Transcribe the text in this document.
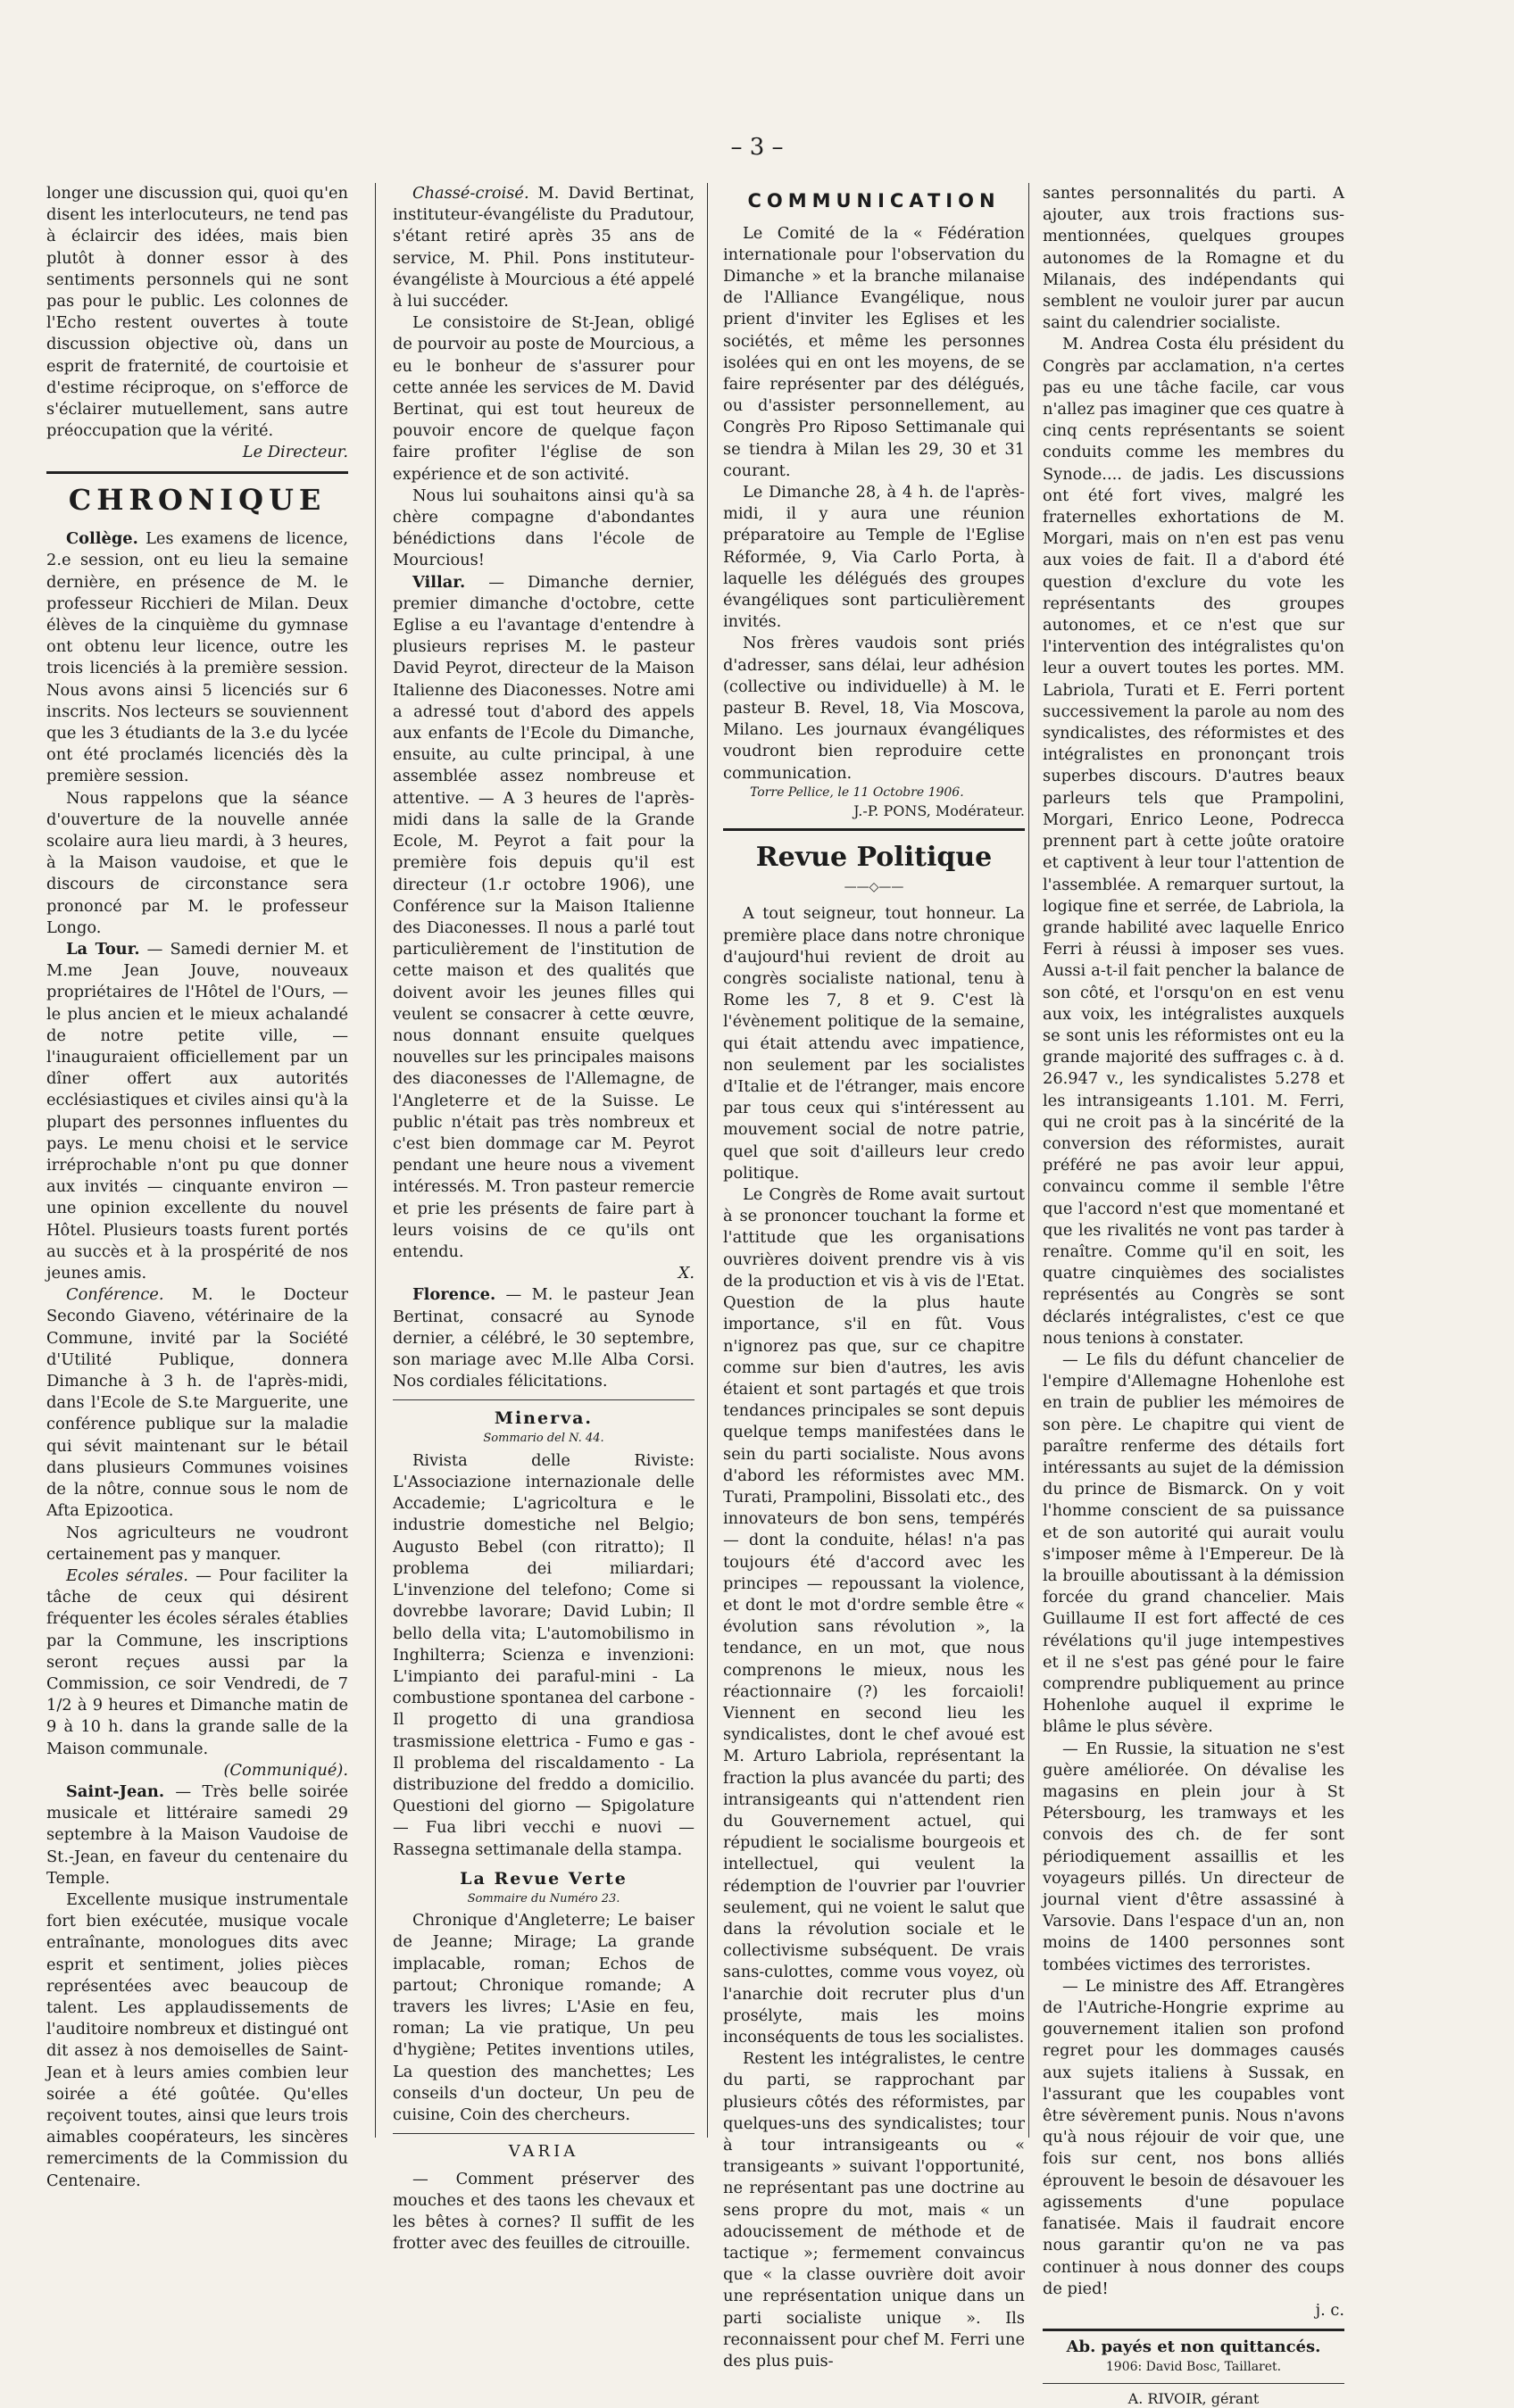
– 3 –

longer une discussion qui, quoi qu'en disent les interlocuteurs, ne tend pas à éclaircir des idées, mais bien plutôt à donner essor à des sentiments personnels qui ne sont pas pour le public. Les colonnes de l'Echo restent ouvertes à toute discussion objective où, dans un esprit de fraternité, de courtoisie et d'estime réciproque, on s'efforce de s'éclairer mutuellement, sans autre préoccupation que la vérité.

Le Directeur.

CHRONIQUE

Collège. Les examens de licence, 2.e session, ont eu lieu la semaine dernière, en présence de M. le professeur Ricchieri de Milan. Deux élèves de la cinquième du gymnase ont obtenu leur licence, outre les trois licenciés à la première session. Nous avons ainsi 5 licenciés sur 6 inscrits. Nos lecteurs se souviennent que les 3 étudiants de la 3.e du lycée ont été proclamés licenciés dès la première session.

Nous rappelons que la séance d'ouverture de la nouvelle année scolaire aura lieu mardi, à 3 heures, à la Maison vaudoise, et que le discours de circonstance sera prononcé par M. le professeur Longo.

La Tour. — Samedi dernier M. et M.me Jean Jouve, nouveaux propriétaires de l'Hôtel de l'Ours, — le plus ancien et le mieux achalandé de notre petite ville, — l'inauguraient officiellement par un dîner offert aux autorités ecclésiastiques et civiles ainsi qu'à la plupart des personnes influentes du pays. Le menu choisi et le service irréprochable n'ont pu que donner aux invités — cinquante environ — une opinion excellente du nouvel Hôtel. Plusieurs toasts furent portés au succès et à la prospérité de nos jeunes amis.

Conférence. M. le Docteur Secondo Giaveno, vétérinaire de la Commune, invité par la Société d'Utilité Publique, donnera Dimanche à 3 h. de l'après-midi, dans l'Ecole de S.te Marguerite, une conférence publique sur la maladie qui sévit maintenant sur le bétail dans plusieurs Communes voisines de la nôtre, connue sous le nom de Afta Epizootica.

Nos agriculteurs ne voudront certainement pas y manquer.

Ecoles sérales. — Pour faciliter la tâche de ceux qui désirent fréquenter les écoles sérales établies par la Commune, les inscriptions seront reçues aussi par la Commission, ce soir Vendredi, de 7 1/2 à 9 heures et Dimanche matin de 9 à 10 h. dans la grande salle de la Maison communale.

(Communiqué).

Saint-Jean. — Très belle soirée musicale et littéraire samedi 29 septembre à la Maison Vaudoise de St.-Jean, en faveur du centenaire du Temple.

Excellente musique instrumentale fort bien exécutée, musique vocale entraînante, monologues dits avec esprit et sentiment, jolies pièces représentées avec beaucoup de talent. Les applaudissements de l'auditoire nombreux et distingué ont dit assez à nos demoiselles de Saint-Jean et à leurs amies combien leur soirée a été goûtée. Qu'elles reçoivent toutes, ainsi que leurs trois aimables coopérateurs, les sincères remerciments de la Commission du Centenaire.

Chassé-croisé. M. David Bertinat, instituteur-évangéliste du Pradutour, s'étant retiré après 35 ans de service, M. Phil. Pons instituteur-évangéliste à Mourcious a été appelé à lui succéder.

Le consistoire de St-Jean, obligé de pourvoir au poste de Mourcious, a eu le bonheur de s'assurer pour cette année les services de M. David Bertinat, qui est tout heureux de pouvoir encore de quelque façon faire profiter l'église de son expérience et de son activité.

Nous lui souhaitons ainsi qu'à sa chère compagne d'abondantes bénédictions dans l'école de Mourcious!

Villar. — Dimanche dernier, premier dimanche d'octobre, cette Eglise a eu l'avantage d'entendre à plusieurs reprises M. le pasteur David Peyrot, directeur de la Maison Italienne des Diaconesses. Notre ami a adressé tout d'abord des appels aux enfants de l'Ecole du Dimanche, ensuite, au culte principal, à une assemblée assez nombreuse et attentive. — A 3 heures de l'après-midi dans la salle de la Grande Ecole, M. Peyrot a fait pour la première fois depuis qu'il est directeur (1.r octobre 1906), une Conférence sur la Maison Italienne des Diaconesses. Il nous a parlé tout particulièrement de l'institution de cette maison et des qualités que doivent avoir les jeunes filles qui veulent se consacrer à cette œuvre, nous donnant ensuite quelques nouvelles sur les principales maisons des diaconesses de l'Allemagne, de l'Angleterre et de la Suisse. Le public n'était pas très nombreux et c'est bien dommage car M. Peyrot pendant une heure nous a vivement intéressés. M. Tron pasteur remercie et prie les présents de faire part à leurs voisins de ce qu'ils ont entendu.

X.

Florence. — M. le pasteur Jean Bertinat, consacré au Synode dernier, a célébré, le 30 septembre, son mariage avec M.lle Alba Corsi. Nos cordiales félicitations.

Minerva.
Sommario del N. 44.

Rivista delle Riviste: L'Associazione internazionale delle Accademie; L'agricoltura e le industrie domestiche nel Belgio; Augusto Bebel (con ritratto); Il problema dei miliardari; L'invenzione del telefono; Come si dovrebbe lavorare; David Lubin; Il bello della vita; L'automobilismo in Inghilterra; Scienza e invenzioni: L'impianto dei paraful-mini - La combustione spontanea del carbone - Il progetto di una grandiosa trasmissione elettrica - Fumo e gas - Il problema del riscaldamento - La distribuzione del freddo a domicilio. Questioni del giorno — Spigolature — Fua libri vecchi e nuovi — Rassegna settimanale della stampa.

La Revue Verte
Sommaire du Numéro 23.

Chronique d'Angleterre; Le baiser de Jeanne; Mirage; La grande implacable, roman; Echos de partout; Chronique romande; A travers les livres; L'Asie en feu, roman; La vie pratique, Un peu d'hygiène; Petites inventions utiles, La question des manchettes; Les conseils d'un docteur, Un peu de cuisine, Coin des chercheurs.

VARIA

— Comment préserver des mouches et des taons les chevaux et les bêtes à cornes? Il suffit de les frotter avec des feuilles de citrouille.

COMMUNICATION

Le Comité de la « Fédération internationale pour l'observation du Dimanche » et la branche milanaise de l'Alliance Evangélique, nous prient d'inviter les Eglises et les sociétés, et même les personnes isolées qui en ont les moyens, de se faire représenter par des délégués, ou d'assister personnellement, au Congrès Pro Riposo Settimanale qui se tiendra à Milan les 29, 30 et 31 courant.

Le Dimanche 28, à 4 h. de l'après-midi, il y aura une réunion préparatoire au Temple de l'Eglise Réformée, 9, Via Carlo Porta, à laquelle les délégués des groupes évangéliques sont particulièrement invités.

Nos frères vaudois sont priés d'adresser, sans délai, leur adhésion (collective ou individuelle) à M. le pasteur B. Revel, 18, Via Moscova, Milano. Les journaux évangéliques voudront bien reproduire cette communication.

Torre Pellice, le 11 Octobre 1906.

J.-P. PONS, Modérateur.

Revue Politique
——◇——

A tout seigneur, tout honneur. La première place dans notre chronique d'aujourd'hui revient de droit au congrès socialiste national, tenu à Rome les 7, 8 et 9. C'est là l'évènement politique de la semaine, qui était attendu avec impatience, non seulement par les socialistes d'Italie et de l'étranger, mais encore par tous ceux qui s'intéressent au mouvement social de notre patrie, quel que soit d'ailleurs leur credo politique.

Le Congrès de Rome avait surtout à se prononcer touchant la forme et l'attitude que les organisations ouvrières doivent prendre vis à vis de la production et vis à vis de l'Etat. Question de la plus haute importance, s'il en fût. Vous n'ignorez pas que, sur ce chapitre comme sur bien d'autres, les avis étaient et sont partagés et que trois tendances principales se sont depuis quelque temps manifestées dans le sein du parti socialiste. Nous avons d'abord les réformistes avec MM. Turati, Prampolini, Bissolati etc., des innovateurs de bon sens, tempérés — dont la conduite, hélas! n'a pas toujours été d'accord avec les principes — repoussant la violence, et dont le mot d'ordre semble être « évolution sans révolution », la tendance, en un mot, que nous comprenons le mieux, nous les réactionnaire (?) les forcaioli! Viennent en second lieu les syndicalistes, dont le chef avoué est M. Arturo Labriola, représentant la fraction la plus avancée du parti; des intransigeants qui n'attendent rien du Gouvernement actuel, qui répudient le socialisme bourgeois et intellectuel, qui veulent la rédemption de l'ouvrier par l'ouvrier seulement, qui ne voient le salut que dans la révolution sociale et le collectivisme subséquent. De vrais sans-culottes, comme vous voyez, où l'anarchie doit recruter plus d'un prosélyte, mais les moins inconséquents de tous les socialistes.

Restent les intégralistes, le centre du parti, se rapprochant par plusieurs côtés des réformistes, par quelques-uns des syndicalistes; tour à tour intransigeants ou « transigeants » suivant l'opportunité, ne représentant pas une doctrine au sens propre du mot, mais « un adoucissement de méthode et de tactique »; fermement convaincus que « la classe ouvrière doit avoir une représentation unique dans un parti socialiste unique ». Ils reconnaissent pour chef M. Ferri une des plus puis-

santes personnalités du parti. A ajouter, aux trois fractions sus-mentionnées, quelques groupes autonomes de la Romagne et du Milanais, des indépendants qui semblent ne vouloir jurer par aucun saint du calendrier socialiste.

M. Andrea Costa élu président du Congrès par acclamation, n'a certes pas eu une tâche facile, car vous n'allez pas imaginer que ces quatre à cinq cents représentants se soient conduits comme les membres du Synode.... de jadis. Les discussions ont été fort vives, malgré les fraternelles exhortations de M. Morgari, mais on n'en est pas venu aux voies de fait. Il a d'abord été question d'exclure du vote les représentants des groupes autonomes, et ce n'est que sur l'intervention des intégralistes qu'on leur a ouvert toutes les portes. MM. Labriola, Turati et E. Ferri portent successivement la parole au nom des syndicalistes, des réformistes et des intégralistes en prononçant trois superbes discours. D'autres beaux parleurs tels que Prampolini, Morgari, Enrico Leone, Podrecca prennent part à cette joûte oratoire et captivent à leur tour l'attention de l'assemblée. A remarquer surtout, la logique fine et serrée, de Labriola, la grande habilité avec laquelle Enrico Ferri à réussi à imposer ses vues. Aussi a-t-il fait pencher la balance de son côté, et l'orsqu'on en est venu aux voix, les intégralistes auxquels se sont unis les réformistes ont eu la grande majorité des suffrages c. à d. 26.947 v., les syndicalistes 5.278 et les intransigeants 1.101. M. Ferri, qui ne croit pas à la sincérité de la conversion des réformistes, aurait préféré ne pas avoir leur appui, convaincu comme il semble l'être que l'accord n'est que momentané et que les rivalités ne vont pas tarder à renaître. Comme qu'il en soit, les quatre cinquièmes des socialistes représentés au Congrès se sont déclarés intégralistes, c'est ce que nous tenions à constater.

— Le fils du défunt chancelier de l'empire d'Allemagne Hohenlohe est en train de publier les mémoires de son père. Le chapitre qui vient de paraître renferme des détails fort intéressants au sujet de la démission du prince de Bismarck. On y voit l'homme conscient de sa puissance et de son autorité qui aurait voulu s'imposer même à l'Empereur. De là la brouille aboutissant à la démission forcée du grand chancelier. Mais Guillaume II est fort affecté de ces révélations qu'il juge intempestives et il ne s'est pas géné pour le faire comprendre publiquement au prince Hohenlohe auquel il exprime le blâme le plus sévère.

— En Russie, la situation ne s'est guère améliorée. On dévalise les magasins en plein jour à St Pétersbourg, les tramways et les convois des ch. de fer sont périodiquement assaillis et les voyageurs pillés. Un directeur de journal vient d'être assassiné à Varsovie. Dans l'espace d'un an, non moins de 1400 personnes sont tombées victimes des terroristes.

— Le ministre des Aff. Etrangères de l'Autriche-Hongrie exprime au gouvernement italien son profond regret pour les dommages causés aux sujets italiens à Sussak, en l'assurant que les coupables vont être sévèrement punis. Nous n'avons qu'à nous réjouir de voir que, une fois sur cent, nos bons alliés éprouvent le besoin de désavouer les agissements d'une populace fanatisée. Mais il faudrait encore nous garantir qu'on ne va pas continuer à nous donner des coups de pied!

j. c.

Ab. payés et non quittancés.
1906: David Bosc, Taillaret.
A. RIVOIR, gérant
